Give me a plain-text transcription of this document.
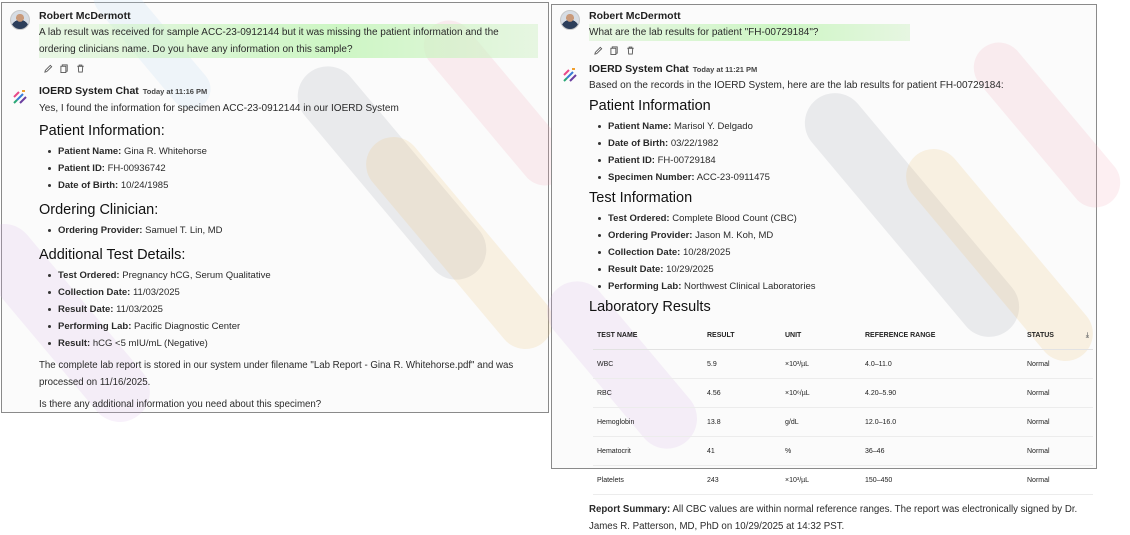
Robert McDermott
A lab result was received for sample ACC-23-0912144 but it was missing the patient information and the ordering clinicians name. Do you have any information on this sample?
IOERD System Chat Today at 11:16 PM
Yes, I found the information for specimen ACC-23-0912144 in our IOERD System
Patient Information:
Patient Name: Gina R. Whitehorse
Patient ID: FH-00936742
Date of Birth: 10/24/1985
Ordering Clinician:
Ordering Provider: Samuel T. Lin, MD
Additional Test Details:
Test Ordered: Pregnancy hCG, Serum Qualitative
Collection Date: 11/03/2025
Result Date: 11/03/2025
Performing Lab: Pacific Diagnostic Center
Result: hCG <5 mIU/mL (Negative)

The complete lab report is stored in our system under filename "Lab Report - Gina R. Whitehorse.pdf" and was processed on 11/16/2025.

Is there any additional information you need about this specimen?

Robert McDermott
What are the lab results for patient "FH-00729184"?
IOERD System Chat Today at 11:21 PM
Based on the records in the IOERD System, here are the lab results for patient FH-00729184:
Patient Information
Patient Name: Marisol Y. Delgado
Date of Birth: 03/22/1982
Patient ID: FH-00729184
Specimen Number: ACC-23-0911475
Test Information
Test Ordered: Complete Blood Count (CBC)
Ordering Provider: Jason M. Koh, MD
Collection Date: 10/28/2025
Result Date: 10/29/2025
Performing Lab: Northwest Clinical Laboratories
Laboratory Results
TEST NAME	RESULT	UNIT	REFERENCE RANGE	STATUS ⤓

WBC	5.9	×10³/µL	4.0–11.0	Normal
RBC	4.56	×10⁶/µL	4.20–5.90	Normal
Hemoglobin	13.8	g/dL	12.0–16.0	Normal
Hematocrit	41	%	36–46	Normal
Platelets	243	×10³/µL	150–450	Normal

Report Summary: All CBC values are within normal reference ranges. The report was electronically signed by Dr. James R. Patterson, MD, PhD on 10/29/2025 at 14:32 PST.
